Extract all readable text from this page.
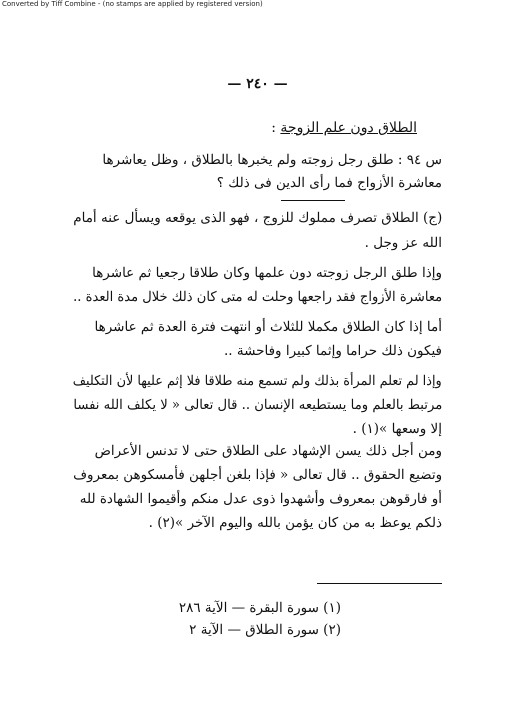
Converted by Tiff Combine - (no stamps are applied by registered version)
— ٢٤٠ —
الطلاق دون علم الزوجة :
س ٩٤ : طلق رجل زوجته ولم يخبرها بالطلاق ، وظل يعاشرها
معاشرة الأزواج فما رأى الدين فى ذلك ؟
(ج) الطلاق تصرف مملوك للزوج ، فهو الذى يوقعه ويسأل عنه أمام
الله عز وجل .
وإذا طلق الرجل زوجته دون علمها وكان طلاقا رجعيا ثم عاشرها
معاشرة الأزواج فقد راجعها وحلت له متى كان ذلك خلال مدة العدة ..
أما إذا كان الطلاق مكملا للثلاث أو انتهت فترة العدة ثم عاشرها
فيكون ذلك حراما وإثما كبيرا وفاحشة ..
وإذا لم تعلم المرأة بذلك ولم تسمع منه طلاقا فلا إثم عليها لأن التكليف
مرتبط بالعلم وما يستطيعه الإنسان .. قال تعالى « لا يكلف الله نفسا
إلا وسعها »(١) .
ومن أجل ذلك يسن الإشهاد على الطلاق حتى لا تدنس الأعراض
وتضيع الحقوق .. قال تعالى « فإذا بلغن أجلهن فأمسكوهن بمعروف
أو فارقوهن بمعروف وأشهدوا ذوى عدل منكم وأقيموا الشهادة لله
ذلكم يوعظ به من كان يؤمن بالله واليوم الآخر »(٢) .
(١) سورة البقرة — الآية ٢٨٦
(٢) سورة الطلاق — الآية ٢
